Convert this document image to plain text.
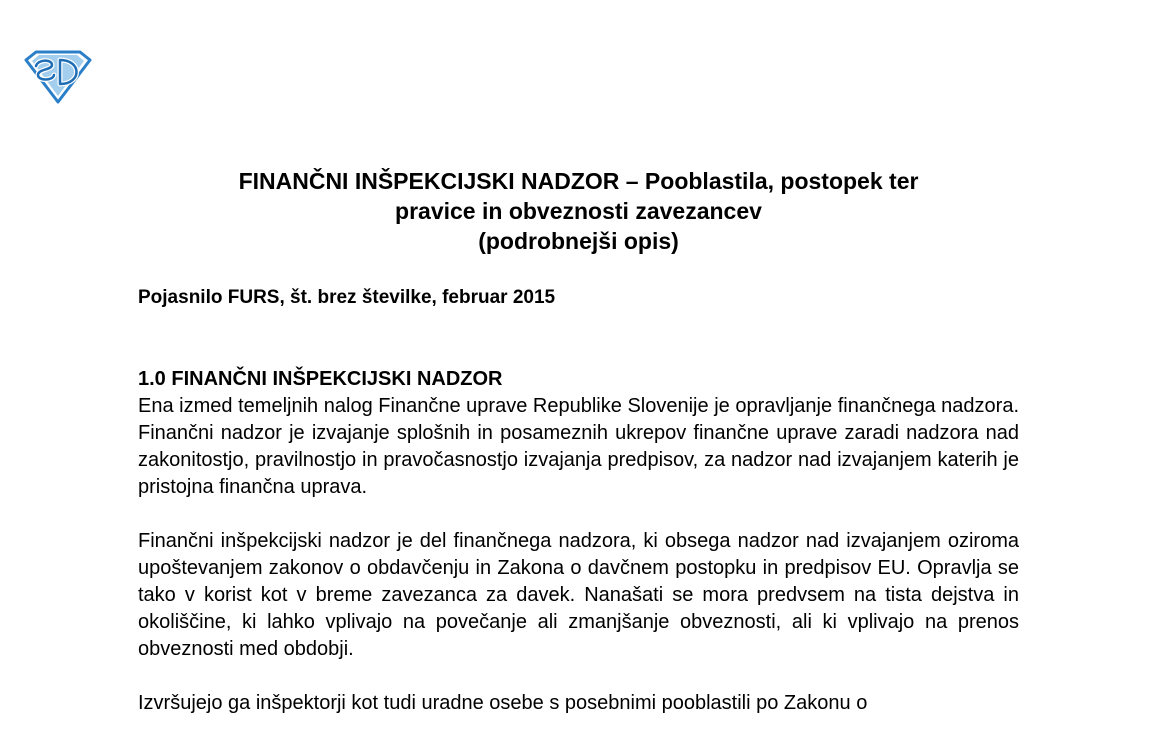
FINANČNI INŠPEKCIJSKI NADZOR – Pooblastila, postopek ter
pravice in obveznosti zavezancev
(podrobnejši opis)
Pojasnilo FURS, št. brez številke, februar 2015

1.0 FINANČNI INŠPEKCIJSKI NADZOR

Ena izmed temeljnih nalog Finančne uprave Republike Slovenije je opravljanje finančnega nadzora. Finančni nadzor je izvajanje splošnih in posameznih ukrepov finančne uprave zaradi nadzora nad zakonitostjo, pravilnostjo in pravočasnostjo izvajanja predpisov, za nadzor nad izvajanjem katerih je pristojna finančna uprava.

Finančni inšpekcijski nadzor je del finančnega nadzora, ki obsega nadzor nad izvajanjem oziroma upoštevanjem zakonov o obdavčenju in Zakona o davčnem postopku in predpisov EU. Opravlja se tako v korist kot v breme zavezanca za davek. Nanašati se mora predvsem na tista dejstva in okoliščine, ki lahko vplivajo na povečanje ali zmanjšanje obveznosti, ali ki vplivajo na prenos obveznosti med obdobji.

Izvršujejo ga inšpektorji kot tudi uradne osebe s posebnimi pooblastili po Zakonu o
